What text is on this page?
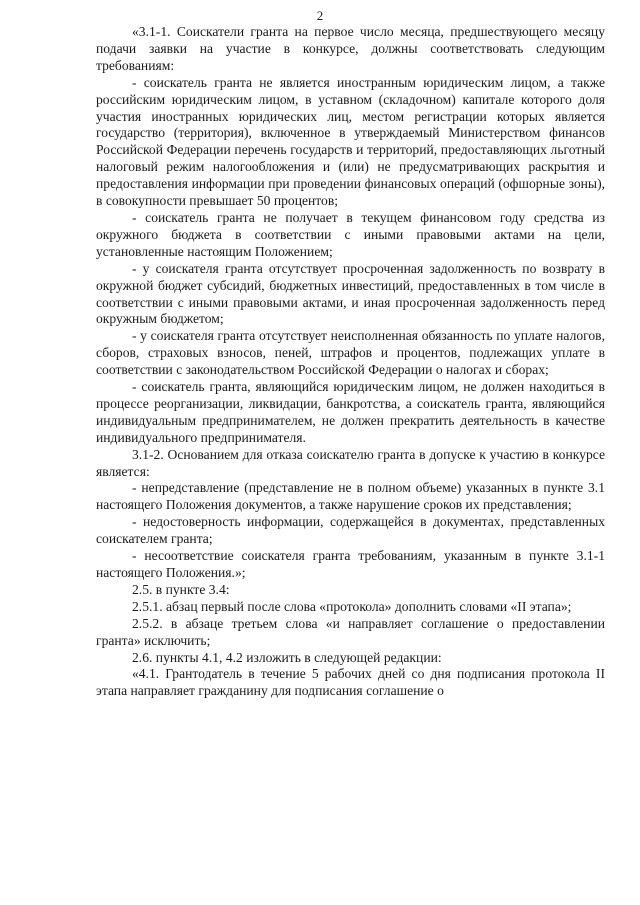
2

«3.1-1. Соискатели гранта на первое число месяца, предшествующего месяцу подачи заявки на участие в конкурсе, должны соответствовать следующим требованиям:

- соискатель гранта не является иностранным юридическим лицом, а также российским юридическим лицом, в уставном (складочном) капитале которого доля участия иностранных юридических лиц, местом регистрации которых является государство (территория), включенное в утверждаемый Министерством финансов Российской Федерации перечень государств и территорий, предоставляющих льготный налоговый режим налогообложения и (или) не предусматривающих раскрытия и предоставления информации при проведении финансовых операций (офшорные зоны), в совокупности превышает 50 процентов;

- соискатель гранта не получает в текущем финансовом году средства из окружного бюджета в соответствии с иными правовыми актами на цели, установленные настоящим Положением;

- у соискателя гранта отсутствует просроченная задолженность по возврату в окружной бюджет субсидий, бюджетных инвестиций, предоставленных в том числе в соответствии с иными правовыми актами, и иная просроченная задолженность перед окружным бюджетом;

- у соискателя гранта отсутствует неисполненная обязанность по уплате налогов, сборов, страховых взносов, пеней, штрафов и процентов, подлежащих уплате в соответствии с законодательством Российской Федерации о налогах и сборах;

- соискатель гранта, являющийся юридическим лицом, не должен находиться в процессе реорганизации, ликвидации, банкротства, а соискатель гранта, являющийся индивидуальным предпринимателем, не должен прекратить деятельность в качестве индивидуального предпринимателя.

3.1-2. Основанием для отказа соискателю гранта в допуске к участию в конкурсе является:

- непредставление (представление не в полном объеме) указанных в пункте 3.1 настоящего Положения документов, а также нарушение сроков их представления;

- недостоверность информации, содержащейся в документах, представленных соискателем гранта;

- несоответствие соискателя гранта требованиям, указанным в пункте 3.1-1 настоящего Положения.»;

2.5. в пункте 3.4:

2.5.1. абзац первый после слова «протокола» дополнить словами «II этапа»;

2.5.2. в абзаце третьем слова «и направляет соглашение о предоставлении гранта» исключить;

2.6. пункты 4.1, 4.2 изложить в следующей редакции:

«4.1. Грантодатель в течение 5 рабочих дней со дня подписания протокола II этапа направляет гражданину для подписания соглашение о
